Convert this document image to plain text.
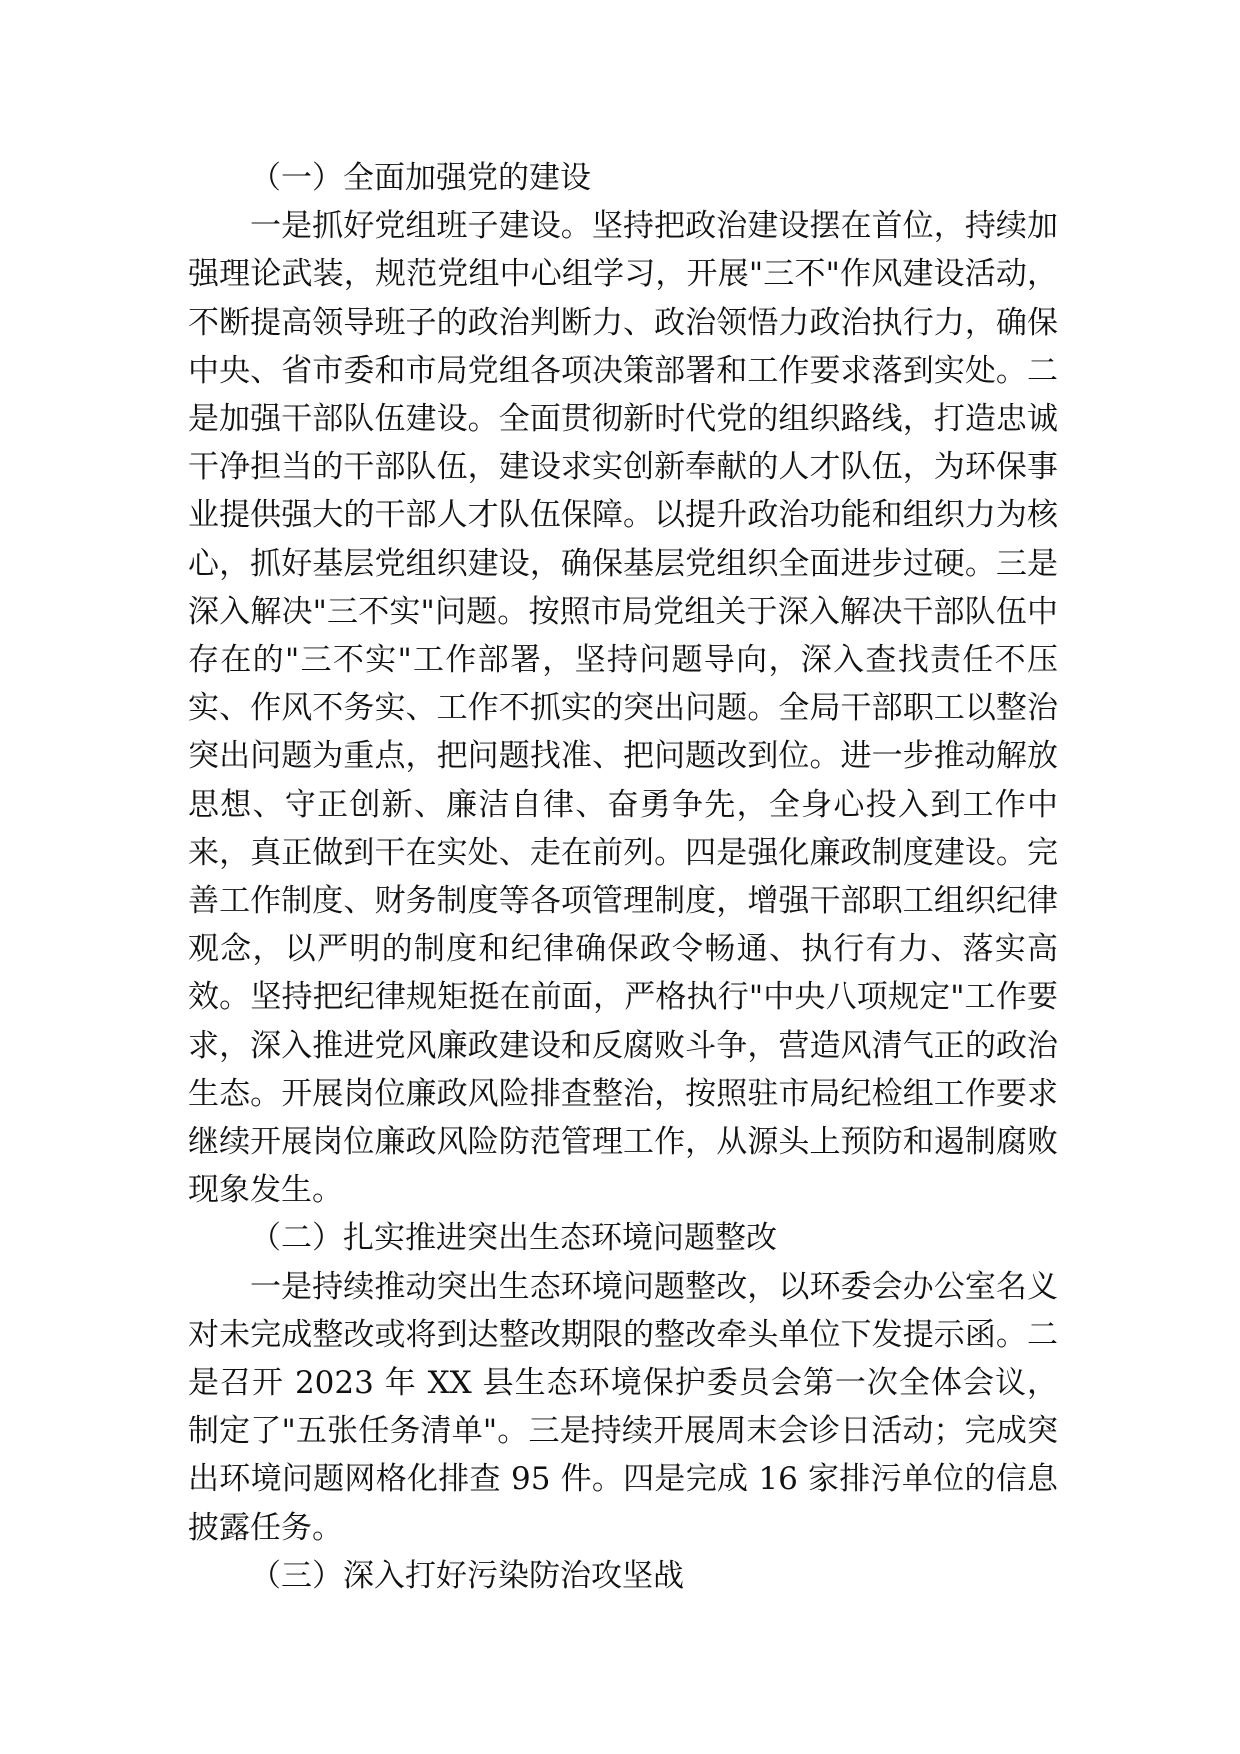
（一）全面加强党的建设

一是抓好党组班子建设。坚持把政治建设摆在首位，持续加强理论武装，规范党组中心组学习，开展"三不"作风建设活动，不断提高领导班子的政治判断力、政治领悟力政治执行力，确保中央、省市委和市局党组各项决策部署和工作要求落到实处。二是加强干部队伍建设。全面贯彻新时代党的组织路线，打造忠诚干净担当的干部队伍，建设求实创新奉献的人才队伍，为环保事业提供强大的干部人才队伍保障。以提升政治功能和组织力为核心，抓好基层党组织建设，确保基层党组织全面进步过硬。三是深入解决"三不实"问题。按照市局党组关于深入解决干部队伍中存在的"三不实"工作部署，坚持问题导向，深入查找责任不压实、作风不务实、工作不抓实的突出问题。全局干部职工以整治突出问题为重点，把问题找准、把问题改到位。进一步推动解放思想、守正创新、廉洁自律、奋勇争先，全身心投入到工作中来，真正做到干在实处、走在前列。四是强化廉政制度建设。完善工作制度、财务制度等各项管理制度，增强干部职工组织纪律观念，以严明的制度和纪律确保政令畅通、执行有力、落实高效。坚持把纪律规矩挺在前面，严格执行"中央八项规定"工作要求，深入推进党风廉政建设和反腐败斗争，营造风清气正的政治生态。开展岗位廉政风险排查整治，按照驻市局纪检组工作要求继续开展岗位廉政风险防范管理工作，从源头上预防和遏制腐败现象发生。

（二）扎实推进突出生态环境问题整改

一是持续推动突出生态环境问题整改，以环委会办公室名义对未完成整改或将到达整改期限的整改牵头单位下发提示函。二是召开 2023 年 XX 县生态环境保护委员会第一次全体会议，制定了"五张任务清单"。三是持续开展周末会诊日活动；完成突出环境问题网格化排查 95 件。四是完成 16 家排污单位的信息披露任务。

（三）深入打好污染防治攻坚战
